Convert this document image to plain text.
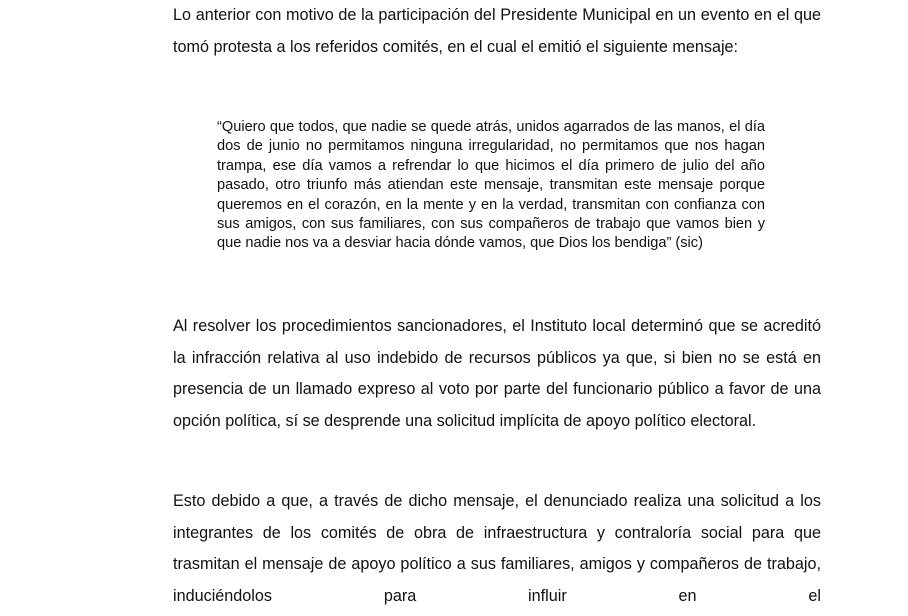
Lo anterior con motivo de la participación del Presidente Municipal en un evento en el que tomó protesta a los referidos comités, en el cual el emitió el siguiente mensaje:

“Quiero que todos, que nadie se quede atrás, unidos agarrados de las manos, el día dos de junio no permitamos ninguna irregularidad, no permitamos que nos hagan trampa, ese día vamos a refrendar lo que hicimos el día primero de julio del año pasado, otro triunfo más atiendan este mensaje, transmitan este mensaje porque queremos en el corazón, en la mente y en la verdad, transmitan con confianza con sus amigos, con sus familiares, con sus compañeros de trabajo que vamos bien y que nadie nos va a desviar hacia dónde vamos, que Dios los bendiga” (sic)

Al resolver los procedimientos sancionadores, el Instituto local determinó que se acreditó la infracción relativa al uso indebido de recursos públicos ya que, si bien no se está en presencia de un llamado expreso al voto por parte del funcionario público a favor de una opción política, sí se desprende una solicitud implícita de apoyo político electoral.

Esto debido a que, a través de dicho mensaje, el denunciado realiza una solicitud a los integrantes de los comités de obra de infraestructura y contraloría social para que trasmitan el mensaje de apoyo político a sus familiares, amigos y compañeros de trabajo, induciéndolos para influir en el
